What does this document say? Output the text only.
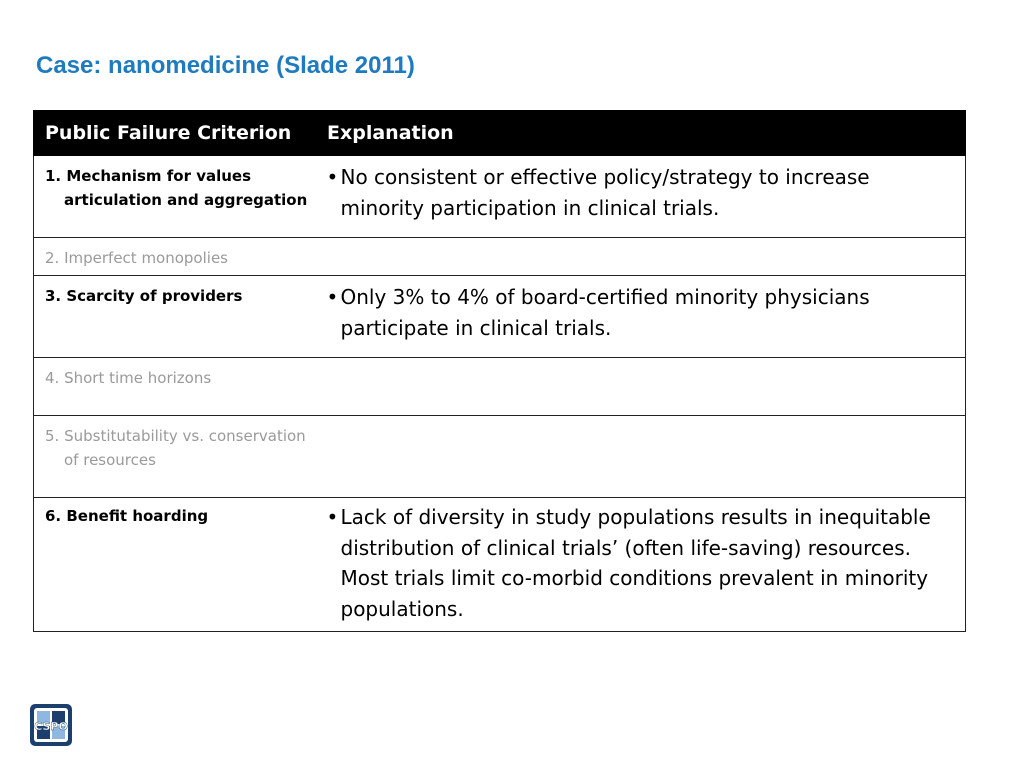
Case: nanomedicine (Slade 2011)
Public Failure Criterion	Explanation

1. Mechanism for values articulation and aggregation	• No consistent or effective policy/strategy to increase minority participation in clinical trials.

2. Imperfect monopolies	

3. Scarcity of providers	• Only 3% to 4% of board-certified minority physicians participate in clinical trials.

4. Short time horizons	

5. Substitutability vs. conservation of resources	

6. Benefit hoarding	• Lack of diversity in study populations results in inequitable distribution of clinical trials’ (often life-saving) resources. Most trials limit co-morbid conditions prevalent in minority populations.
CSPO
